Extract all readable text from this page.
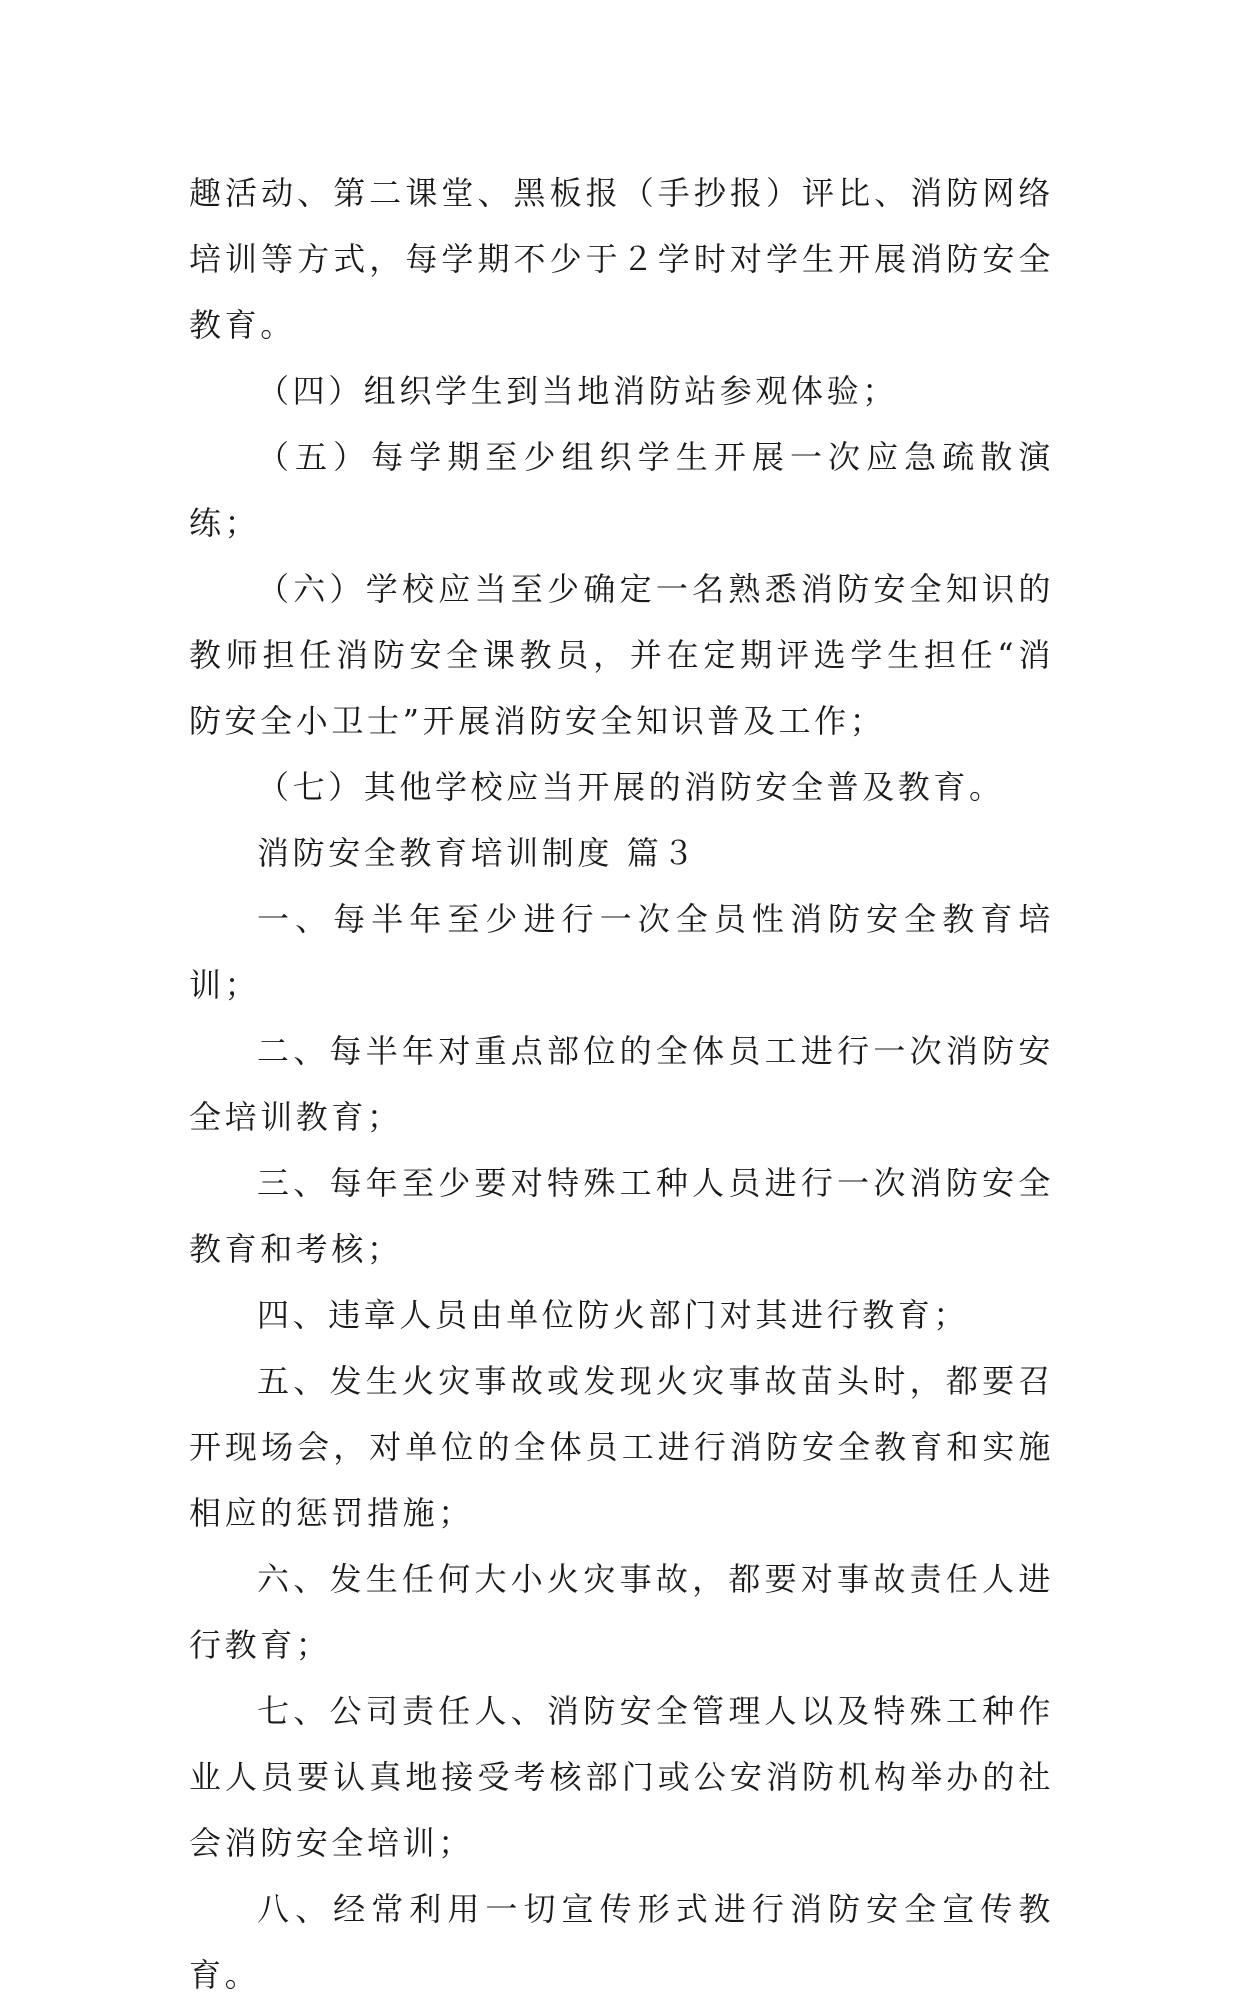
趣活动、第二课堂、黑板报（手抄报）评比、消防网络培训等方式，每学期不少于２学时对学生开展消防安全教育。

（四）组织学生到当地消防站参观体验；

（五）每学期至少组织学生开展一次应急疏散演练；

（六）学校应当至少确定一名熟悉消防安全知识的教师担任消防安全课教员，并在定期评选学生担任“消防安全小卫士”开展消防安全知识普及工作；

（七）其他学校应当开展的消防安全普及教育。

消防安全教育培训制度 篇３

一、每半年至少进行一次全员性消防安全教育培训；

二、每半年对重点部位的全体员工进行一次消防安全培训教育；

三、每年至少要对特殊工种人员进行一次消防安全教育和考核；

四、违章人员由单位防火部门对其进行教育；

五、发生火灾事故或发现火灾事故苗头时，都要召开现场会，对单位的全体员工进行消防安全教育和实施相应的惩罚措施；

六、发生任何大小火灾事故，都要对事故责任人进行教育；

七、公司责任人、消防安全管理人以及特殊工种作业人员要认真地接受考核部门或公安消防机构举办的社会消防安全培训；

八、经常利用一切宣传形式进行消防安全宣传教育。
